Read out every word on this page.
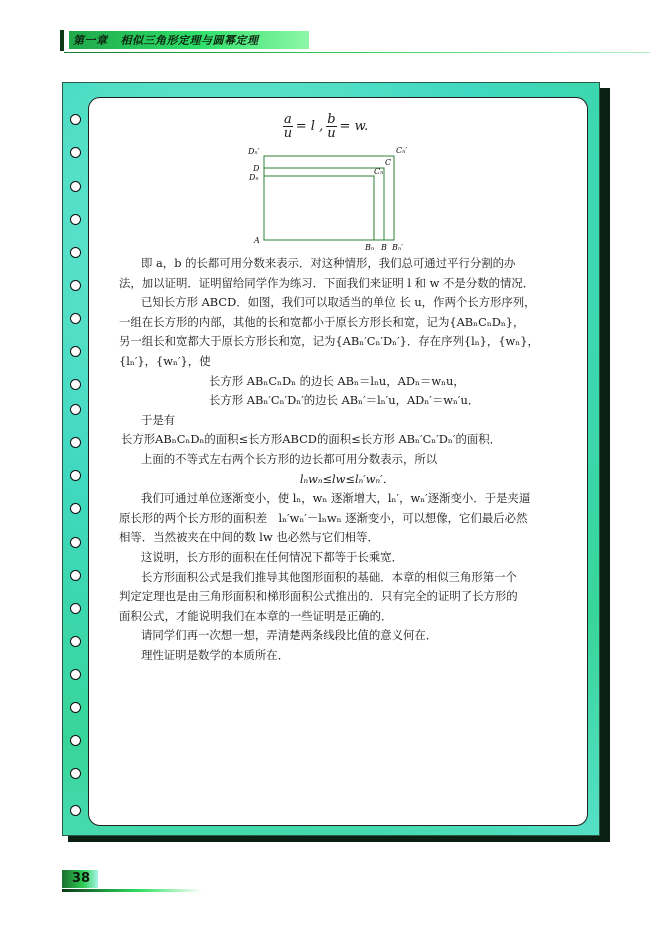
第一章   相似三角形定理与圆幂定理
$\frac{a}{u} = l$ , $\frac{b}{u} = w$.
Dₙ′	Cₙ′
D
C
Dₙ
Cₙ
A
Bₙ B Bₙ′

即 a，b 的长都可用分数来表示．对这种情形，我们总可通过平行分割的办

法，加以证明．证明留给同学作为练习．下面我们来证明 l 和 w 不是分数的情况．

已知长方形 ABCD．如图，我们可以取适当的单位 长 u，作两个长方形序列，

一组在长方形的内部，其他的长和宽都小于原长方形长和宽，记为{ABₙCₙDₙ}，

另一组长和宽都大于原长方形长和宽，记为{ABₙ′Cₙ′Dₙ′}．存在序列{lₙ}，{wₙ}，

{lₙ′}，{wₙ′}，使

长方形 ABₙCₙDₙ 的边长 ABₙ＝lₙu，ADₙ＝wₙu，

长方形 ABₙ′Cₙ′Dₙ′的边长 ABₙ′＝lₙ′u，ADₙ′＝wₙ′u．

于是有

长方形ABₙCₙDₙ的面积≤长方形ABCD的面积≤长方形 ABₙ′Cₙ′Dₙ′的面积．

上面的不等式左右两个长方形的边长都可用分数表示，所以

lₙwₙ≤lw≤lₙ′wₙ′．

我们可通过单位逐渐变小，使 lₙ，wₙ 逐渐增大，lₙ′，wₙ′逐渐变小．于是夹逼

原长形的两个长方形的面积差　lₙ′wₙ′－lₙwₙ 逐渐变小，可以想像，它们最后必然

相等．当然被夹在中间的数 lw 也必然与它们相等．

这说明，长方形的面积在任何情况下都等于长乘宽．

长方形面积公式是我们推导其他图形面积的基础．本章的相似三角形第一个

判定定理也是由三角形面积和梯形面积公式推出的．只有完全的证明了长方形的

面积公式，才能说明我们在本章的一些证明是正确的．

请同学们再一次想一想，弄清楚两条线段比值的意义何在．

理性证明是数学的本质所在．

38
